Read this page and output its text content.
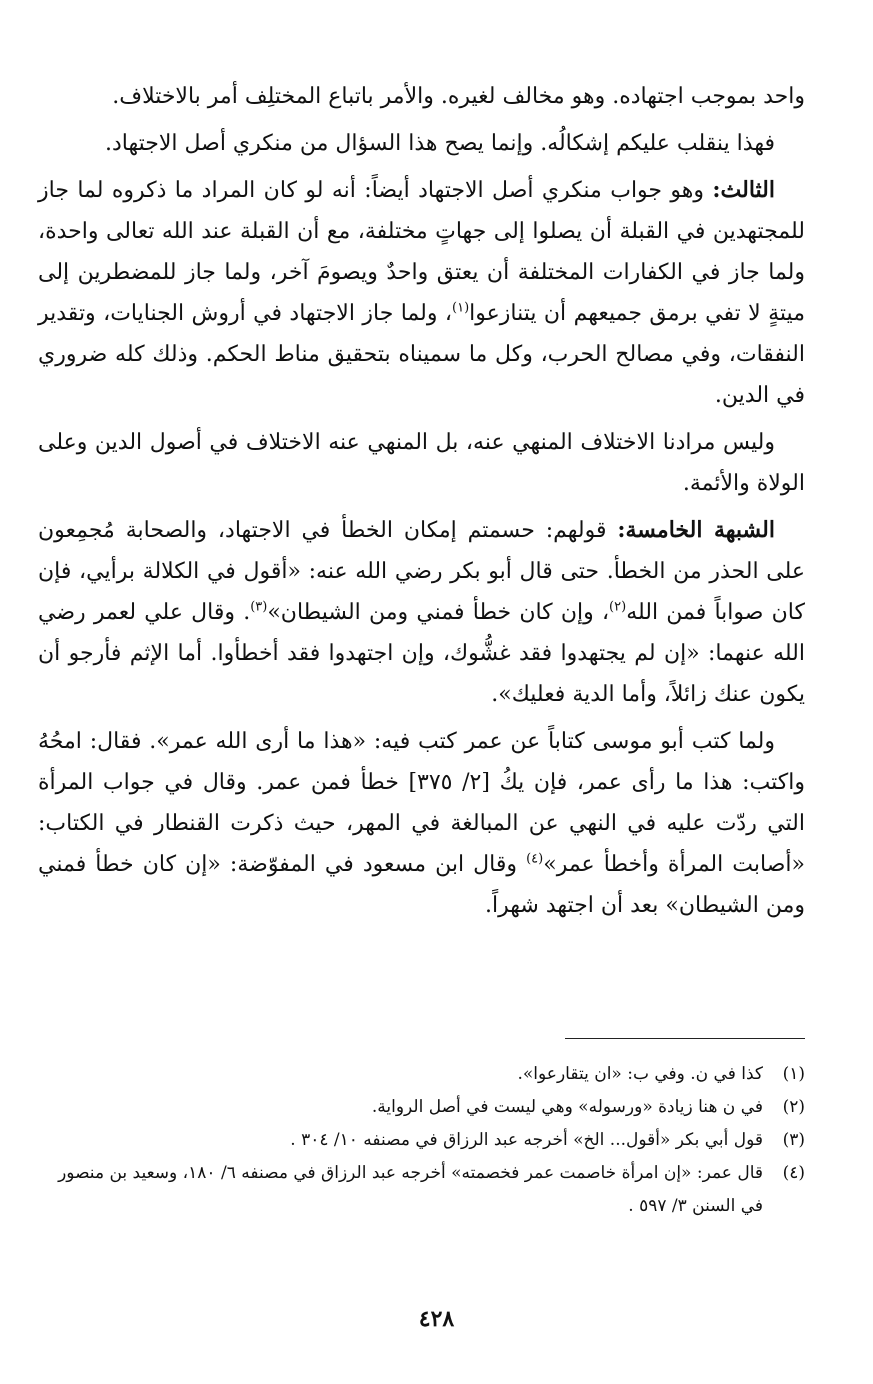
واحد بموجب اجتهاده. وهو مخالف لغيره. والأمر باتباع المختلِف أمر بالاختلاف.

فهذا ينقلب عليكم إشكالُه. وإنما يصح هذا السؤال من منكري أصل الاجتهاد.

الثالث: وهو جواب منكري أصل الاجتهاد أيضاً: أنه لو كان المراد ما ذكروه لما جاز للمجتهدين في القبلة أن يصلوا إلى جهاتٍ مختلفة، مع أن القبلة عند الله تعالى واحدة، ولما جاز في الكفارات المختلفة أن يعتق واحدٌ ويصومَ آخر، ولما جاز للمضطرين إلى ميتةٍ لا تفي برمق جميعهم أن يتنازعوا$^{(١)}$، ولما جاز الاجتهاد في أروش الجنايات، وتقدير النفقات، وفي مصالح الحرب، وكل ما سميناه بتحقيق مناط الحكم. وذلك كله ضروري في الدين.

وليس مرادنا الاختلاف المنهي عنه، بل المنهي عنه الاختلاف في أصول الدين وعلى الولاة والأئمة.

الشبهة الخامسة: قولهم: حسمتم إمكان الخطأ في الاجتهاد، والصحابة مُجمِعون على الحذر من الخطأ. حتى قال أبو بكر رضي الله عنه: «أقول في الكلالة برأيي، فإن كان صواباً فمن الله$^{(٢)}$، وإن كان خطأ فمني ومن الشيطان»$^{(٣)}$. وقال علي لعمر رضي الله عنهما: «إن لم يجتهدوا فقد غشُّوك، وإن اجتهدوا فقد أخطأوا. أما الإثم فأرجو أن يكون عنك زائلاً، وأما الدية فعليك».

ولما كتب أبو موسى كتاباً عن عمر كتب فيه: «هذا ما أرى الله عمر». فقال: امحُهُ واكتب: هذا ما رأى عمر، فإن يكُ [٢/ ٣٧٥] خطأ فمن عمر. وقال في جواب المرأة التي ردّت عليه في النهي عن المبالغة في المهر، حيث ذكرت القنطار في الكتاب: «أصابت المرأة وأخطأ عمر»$^{(٤)}$ وقال ابن مسعود في المفوّضة: «إن كان خطأ فمني ومن الشيطان» بعد أن اجتهد شهراً.

(١)
كذا في ن. وفي ب: «ان يتقارعوا».
(٢)
في ن هنا زيادة «ورسوله» وهي ليست في أصل الرواية.
(٣)
قول أبي بكر «أقول... الخ» أخرجه عبد الرزاق في مصنفه ١٠/ ٣٠٤ .
(٤)
قال عمر: «إن امرأة خاصمت عمر فخصمته» أخرجه عبد الرزاق في مصنفه ٦/ ١٨٠، وسعيد بن منصور في السنن ٣/ ٥٩٧ .
٤٢٨
